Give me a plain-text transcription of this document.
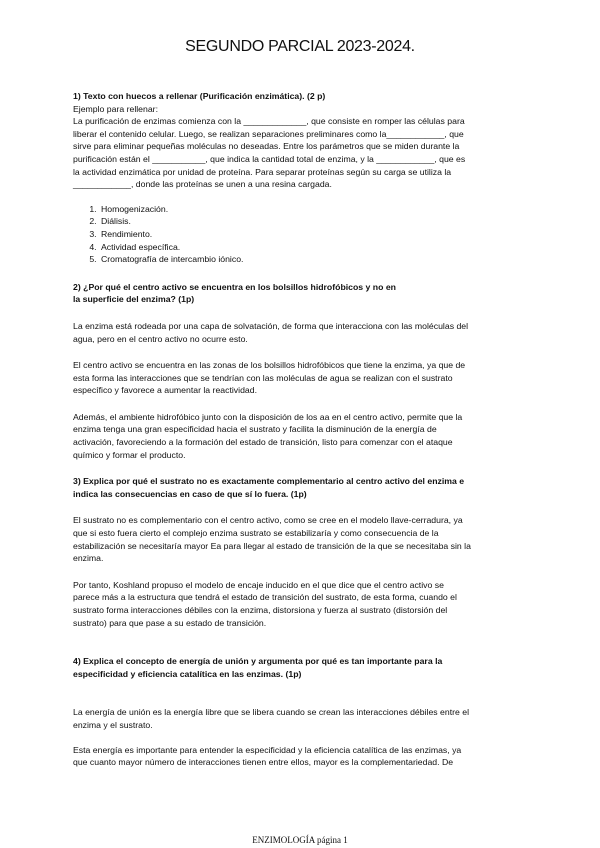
SEGUNDO PARCIAL 2023-2024.

1) Texto con huecos a rellenar (Purificación enzimática). (2 p)

Ejemplo para rellenar:

La purificación de enzimas comienza con la _____________, que consiste en romper las células para
liberar el contenido celular. Luego, se realizan separaciones preliminares como la____________, que
sirve para eliminar pequeñas moléculas no deseadas. Entre los parámetros que se miden durante la
purificación están el ___________, que indica la cantidad total de enzima, y la ____________, que es
la actividad enzimática por unidad de proteína. Para separar proteínas según su carga se utiliza la
____________, donde las proteínas se unen a una resina cargada.

1. Homogenización.
2. Diálisis.
3. Rendimiento.
4. Actividad específica.
5. Cromatografía de intercambio iónico.

2) ¿Por qué el centro activo se encuentra en los bolsillos hidrofóbicos y no en
la superficie del enzima? (1p)

La enzima está rodeada por una capa de solvatación, de forma que interacciona con las moléculas del
agua, pero en el centro activo no ocurre esto.

El centro activo se encuentra en las zonas de los bolsillos hidrofóbicos que tiene la enzima, ya que de
esta forma las interacciones que se tendrían con las moléculas de agua se realizan con el sustrato
específico y favorece a aumentar la reactividad.

Además, el ambiente hidrofóbico junto con la disposición de los aa en el centro activo, permite que la
enzima tenga una gran especificidad hacia el sustrato y facilita la disminución de la energía de
activación, favoreciendo a la formación del estado de transición, listo para comenzar con el ataque
químico y formar el producto.

3) Explica por qué el sustrato no es exactamente complementario al centro activo del enzima e
indica las consecuencias en caso de que sí lo fuera. (1p)

El sustrato no es complementario con el centro activo, como se cree en el modelo llave-cerradura, ya
que si esto fuera cierto el complejo enzima sustrato se estabilizaría y como consecuencia de la
estabilización se necesitaría mayor Ea para llegar al estado de transición de la que se necesitaba sin la
enzima.

Por tanto, Koshland propuso el modelo de encaje inducido en el que dice que el centro activo se
parece más a la estructura que tendrá el estado de transición del sustrato, de esta forma, cuando el
sustrato forma interacciones débiles con la enzima, distorsiona y fuerza al sustrato (distorsión del
sustrato) para que pase a su estado de transición.

4) Explica el concepto de energía de unión y argumenta por qué es tan importante para la
especificidad y eficiencia catalítica en las enzimas. (1p)

La energía de unión es la energía libre que se libera cuando se crean las interacciones débiles entre el
enzima y el sustrato.

Esta energía es importante para entender la especificidad y la eficiencia catalítica de las enzimas, ya
que cuanto mayor número de interacciones tienen entre ellos, mayor es la complementariedad. De

ENZIMOLOGÍA página 1
